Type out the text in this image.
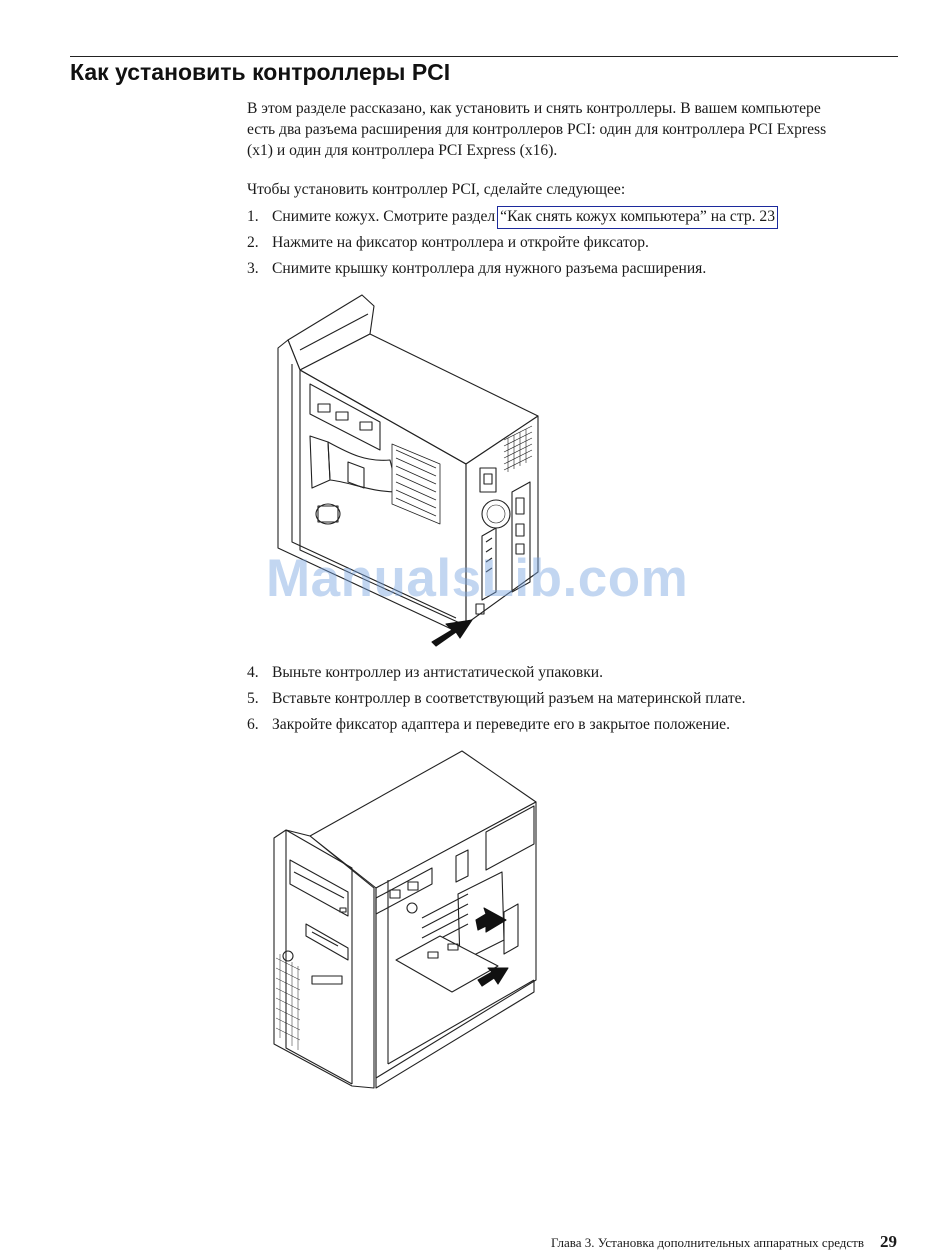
Как установить контроллеры PCI

В этом разделе рассказано, как установить и снять контроллеры. В вашем компьютере есть два разъема расширения для контроллеров PCI: один для контроллера PCI Express (x1) и один для контроллера PCI Express (x16).

Чтобы установить контроллер PCI, сделайте следующее:

1. Снимите кожух. Смотрите раздел “Как снять кожух компьютера” на стр. 23
2. Нажмите на фиксатор контроллера и откройте фиксатор.
3. Снимите крышку контроллера для нужного разъема расширения.
ManualsLib.com
4. Выньте контроллер из антистатической упаковки.
5. Вставьте контроллер в соответствующий разъем на материнской плате.
6. Закройте фиксатор адаптера и переведите его в закрытое положение.
Глава 3. Установка дополнительных аппаратных средств 29
